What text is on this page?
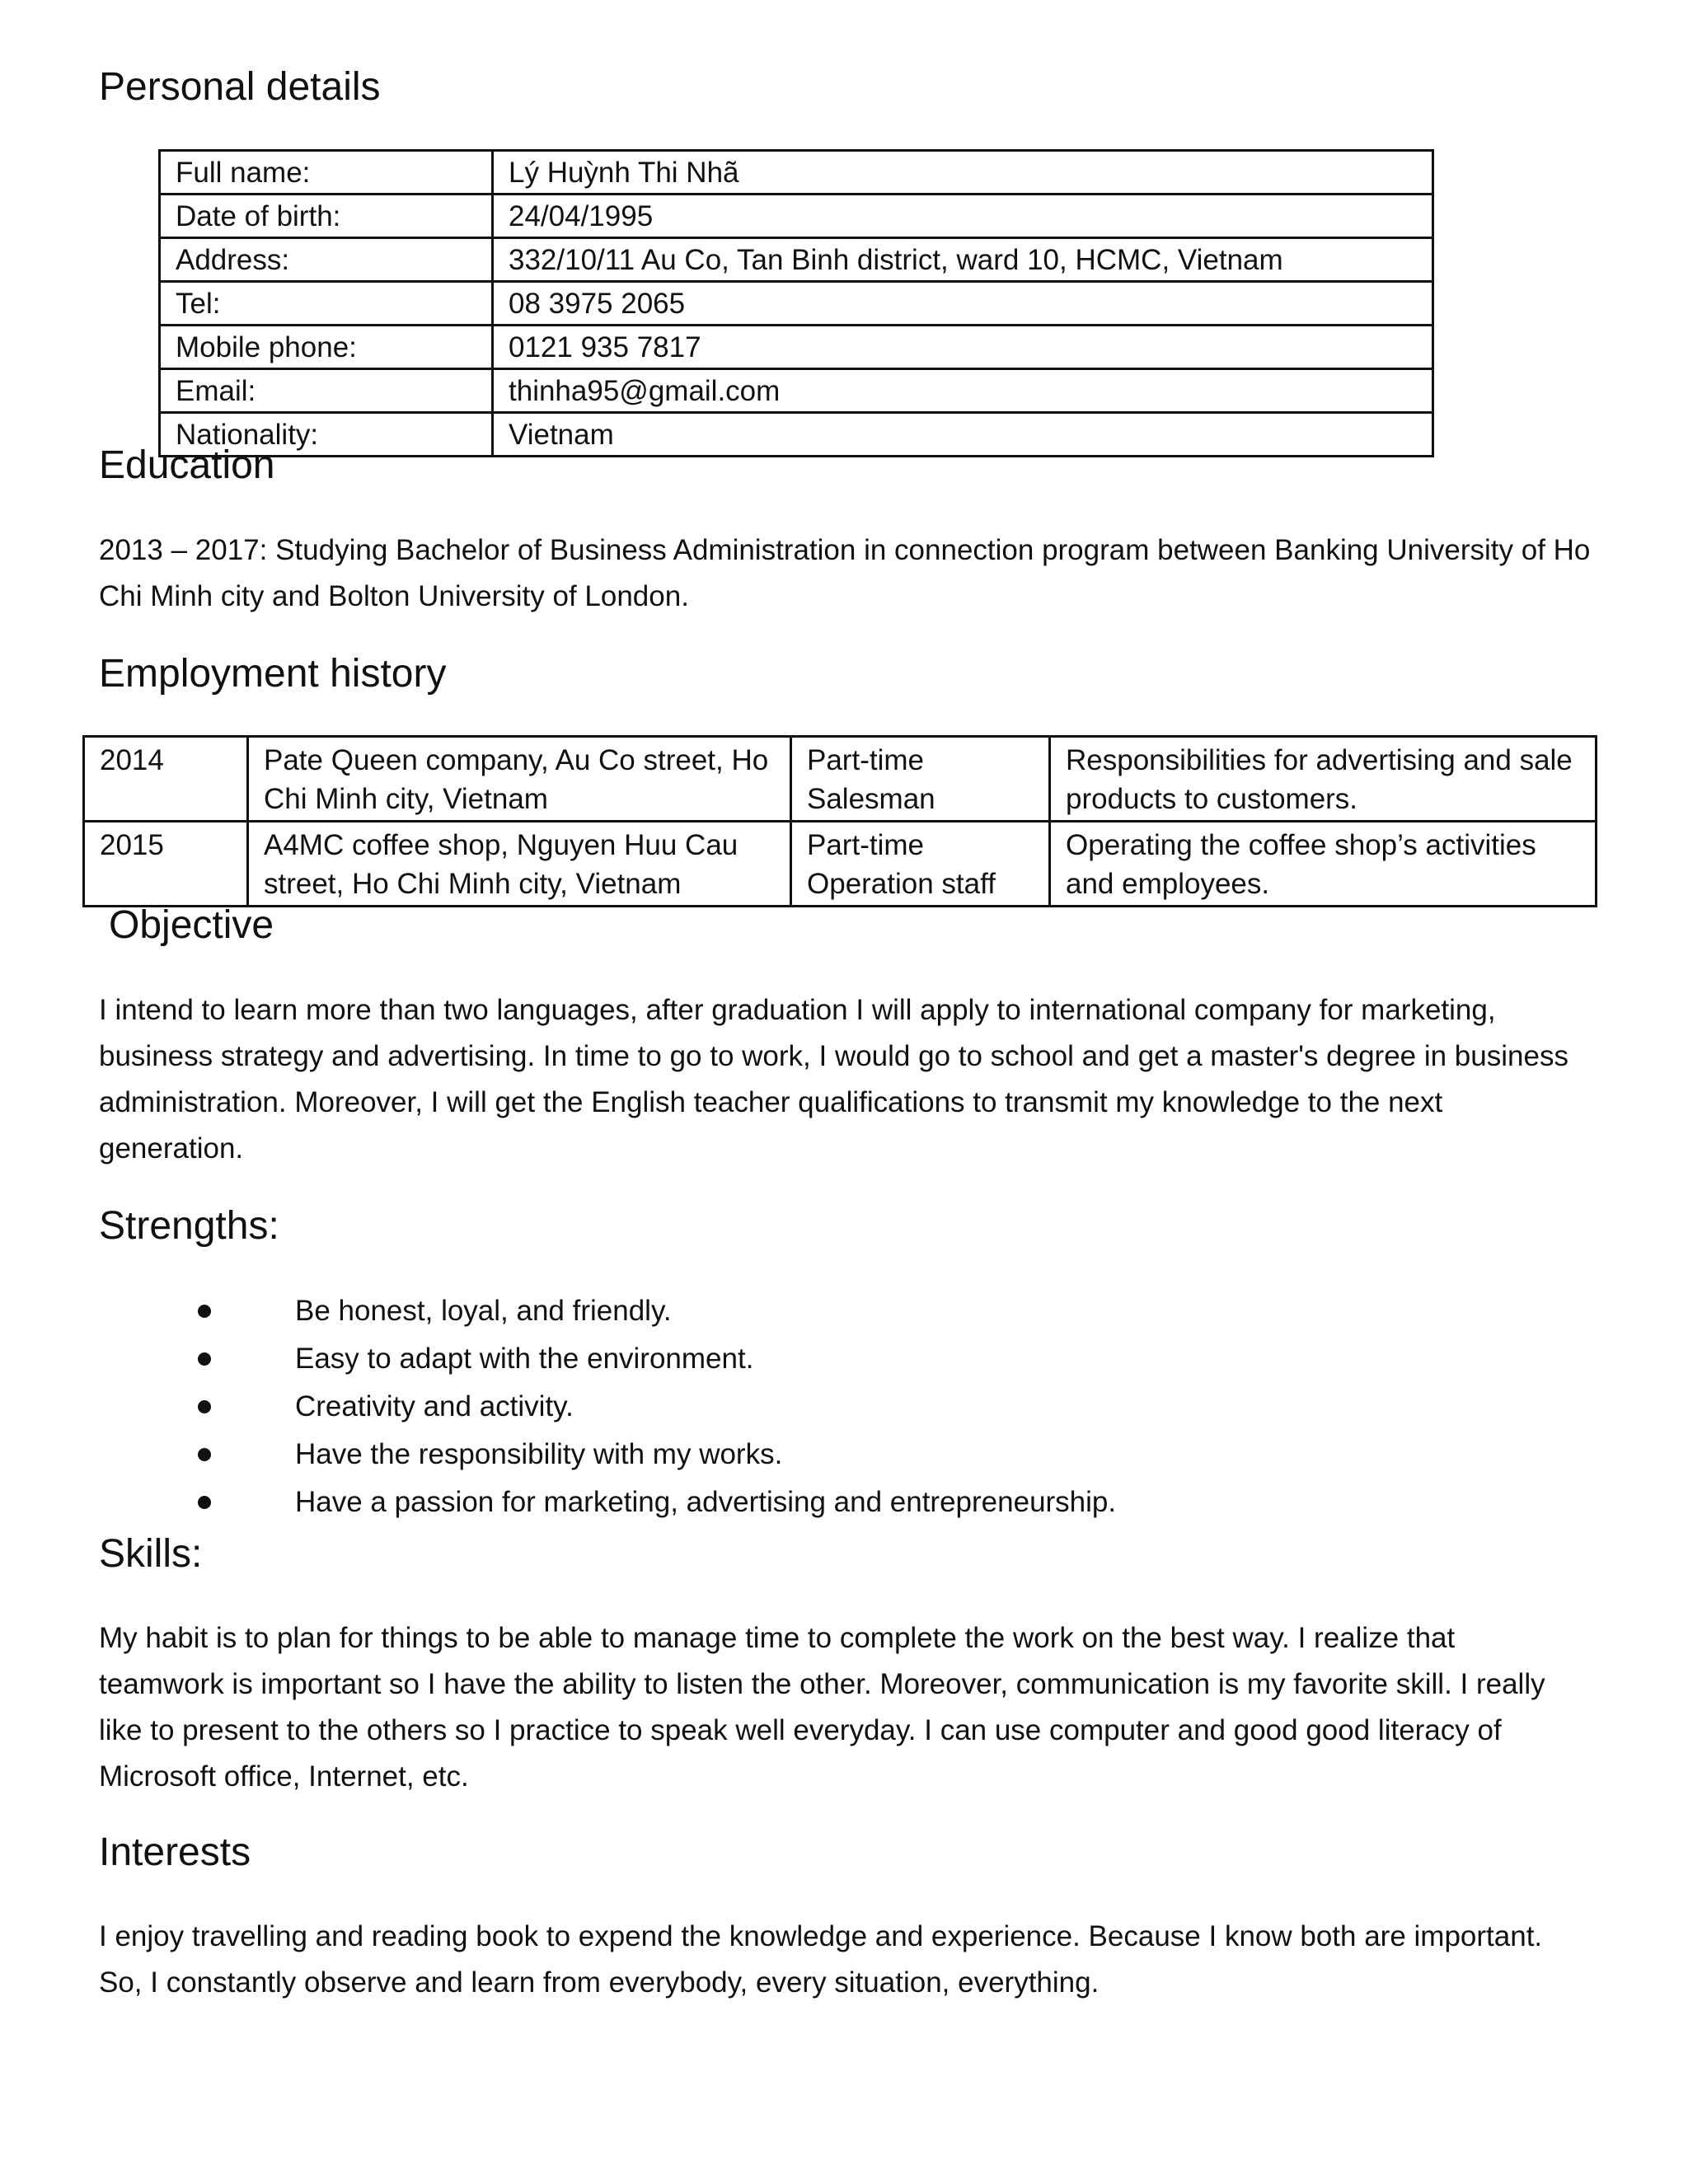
Personal details
Full name:	Lý Huỳnh Thi Nhã
Date of birth:	24/04/1995
Address:	332/10/11 Au Co, Tan Binh district, ward 10, HCMC, Vietnam
Tel:	08 3975 2065
Mobile phone:	0121 935 7817
Email:	thinha95@gmail.com
Nationality:	Vietnam
Education

2013 – 2017: Studying Bachelor of Business Administration in connection program between Banking University of Ho Chi Minh city and Bolton University of London.

Employment history
2014	Pate Queen company, Au Co street, Ho Chi Minh city, Vietnam	Part-time Salesman	Responsibilities for advertising and sale products to customers.
2015	A4MC coffee shop, Nguyen Huu Cau street, Ho Chi Minh city, Vietnam	Part-time Operation staff	Operating the coffee shop’s activities and employees.
Objective

I intend to learn more than two languages, after graduation I will apply to international company for marketing, business strategy and advertising. In time to go to work, I would go to school and get a master's degree in business administration. Moreover, I will get the English teacher qualifications to transmit my knowledge to the next generation.

Strengths:
Be honest, loyal, and friendly.
Easy to adapt with the environment.
Creativity and activity.
Have the responsibility with my works.
Have a passion for marketing, advertising and entrepreneurship.
Skills:

My habit is to plan for things to be able to manage time to complete the work on the best way. I realize that teamwork is important so I have the ability to listen the other. Moreover, communication is my favorite skill. I really like to present to the others so I practice to speak well everyday. I can use computer and good good literacy of Microsoft office, Internet, etc.

Interests

I enjoy travelling and reading book to expend the knowledge and experience. Because I know both are important. So, I constantly observe and learn from everybody, every situation, everything.
